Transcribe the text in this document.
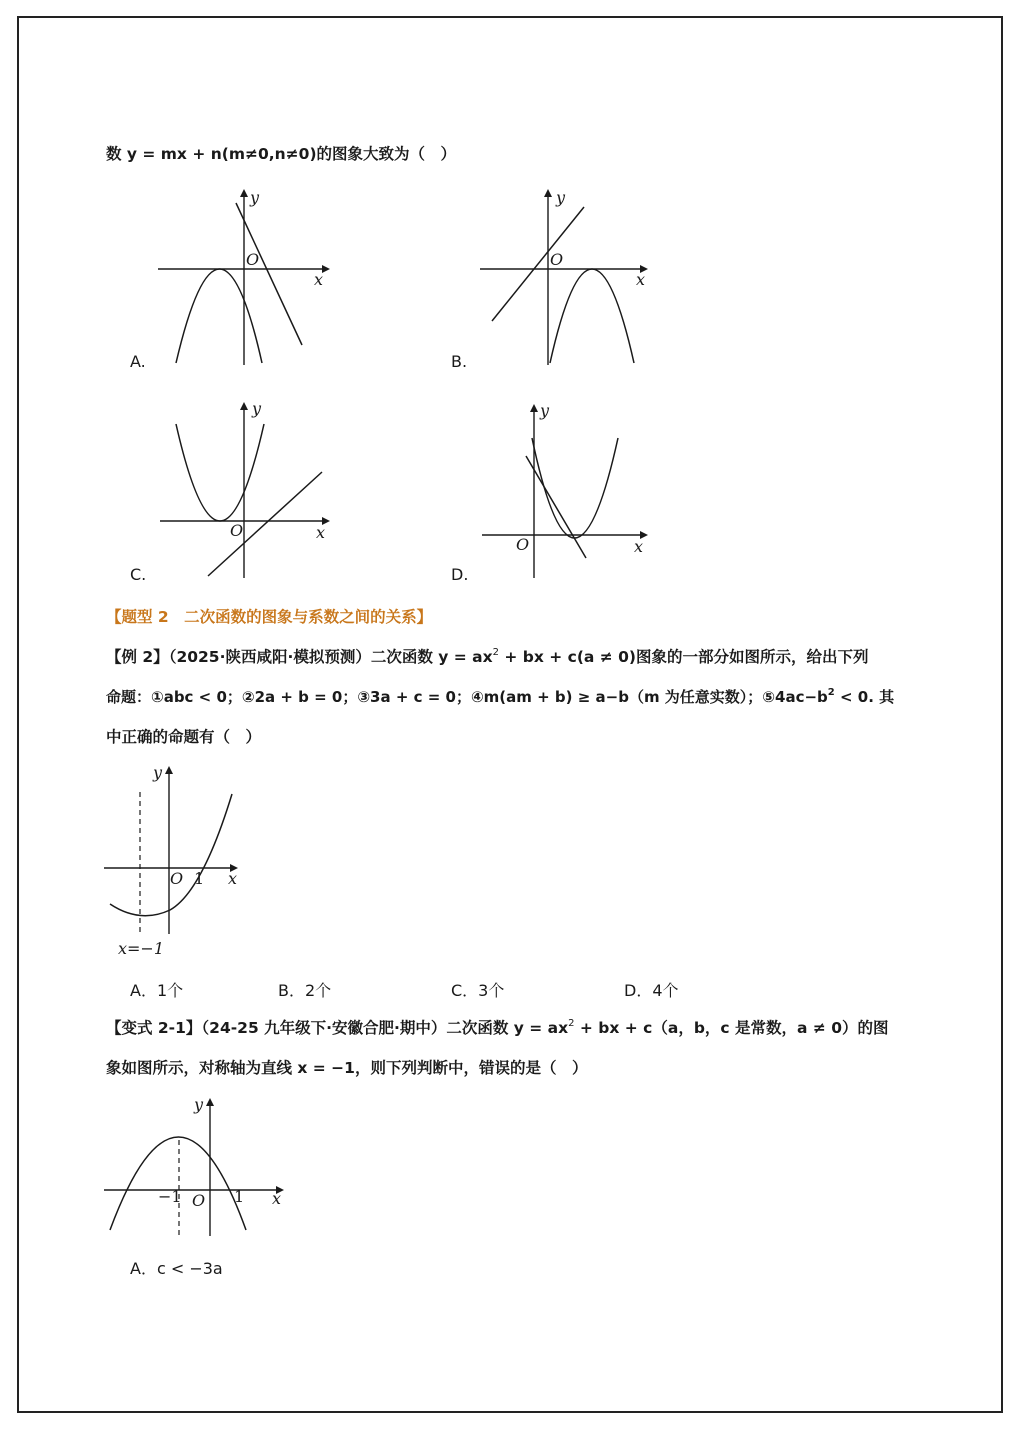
数 y = mx + n(m≠0,n≠0)的图象大致为（　）
y
x
O
A.
y
x
O
B.
y
x
O
C.
y
x
O
D.
【题型 2　二次函数的图象与系数之间的关系】
【例 2】（2025·陕西咸阳·模拟预测）二次函数 $y = ax^2$ + bx + c(a ≠ 0)图象的一部分如图所示，给出下列
命题：①abc < 0；②2a + b = 0；③3a + c = 0；④m(am + b) ≥ a−b（m 为任意实数）；$⑤4ac-b^2 < 0$. 其
中正确的命题有（　）
y
x
O 1
x=−1
A．1个	B．2个	C．3个	D．4个
【变式 2-1】（24-25 九年级下·安徽合肥·期中）二次函数 $y = ax^2$ + bx + c（a，b，c 是常数，a ≠ 0）的图
象如图所示，对称轴为直线 x = −1，则下列判断中，错误的是（　）
y
x
O
−1	1
A．c < −3a
